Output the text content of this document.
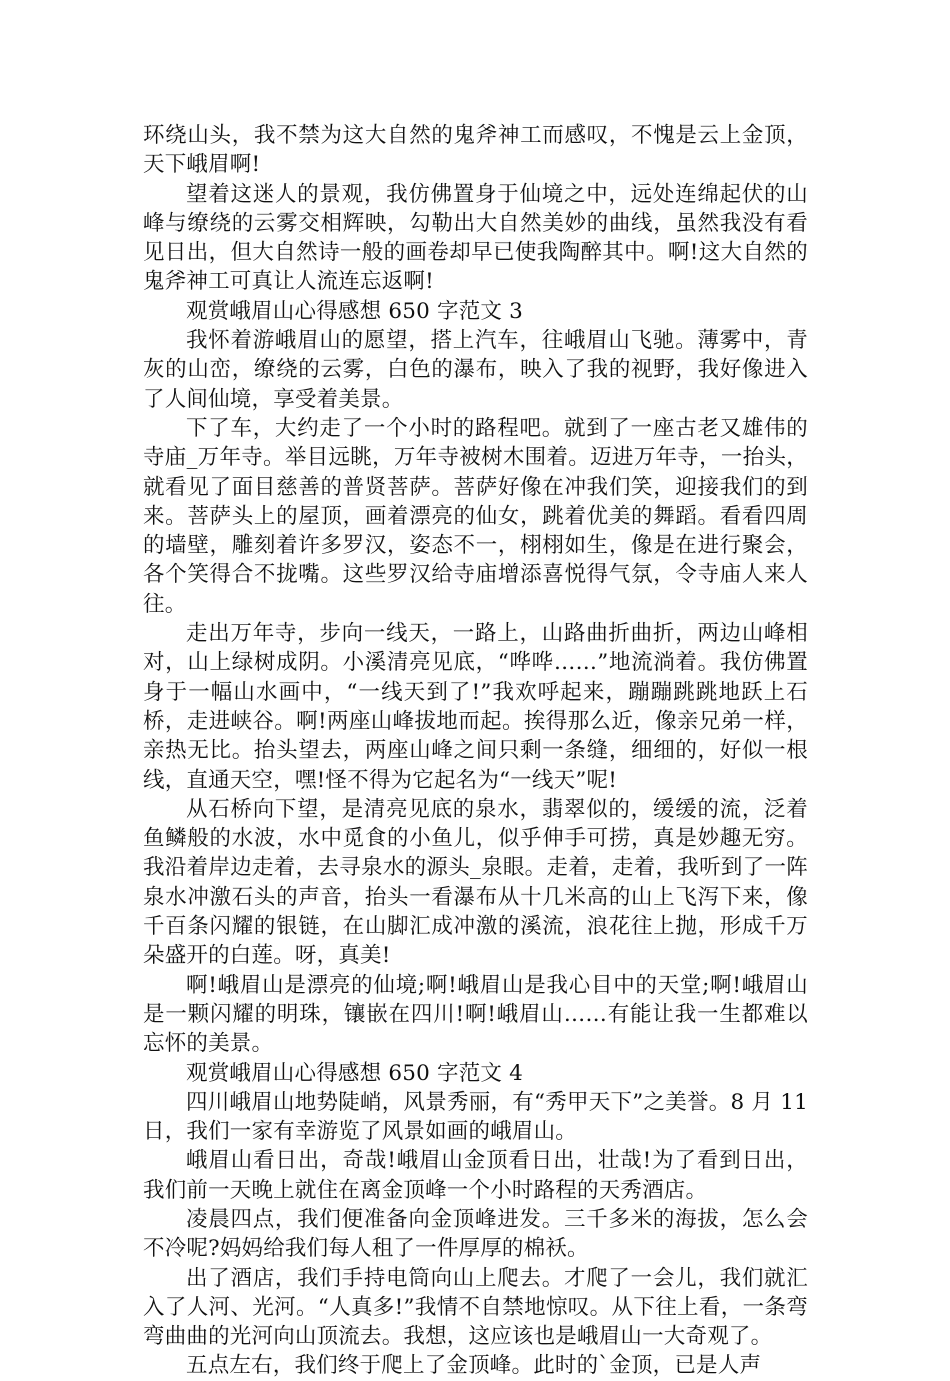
环绕山头，我不禁为这大自然的鬼斧神工而感叹，不愧是云上金顶，天下峨眉啊!

望着这迷人的景观，我仿佛置身于仙境之中，远处连绵起伏的山峰与缭绕的云雾交相辉映，勾勒出大自然美妙的曲线，虽然我没有看见日出，但大自然诗一般的画卷却早已使我陶醉其中。啊!这大自然的鬼斧神工可真让人流连忘返啊!

观赏峨眉山心得感想 650 字范文 3

我怀着游峨眉山的愿望，搭上汽车，往峨眉山飞驰。薄雾中，青灰的山峦，缭绕的云雾，白色的瀑布，映入了我的视野，我好像进入了人间仙境，享受着美景。

下了车，大约走了一个小时的路程吧。就到了一座古老又雄伟的寺庙_万年寺。举目远眺，万年寺被树木围着。迈进万年寺，一抬头，就看见了面目慈善的普贤菩萨。菩萨好像在冲我们笑，迎接我们的到来。菩萨头上的屋顶，画着漂亮的仙女，跳着优美的舞蹈。看看四周的墙壁，雕刻着许多罗汉，姿态不一，栩栩如生，像是在进行聚会，各个笑得合不拢嘴。这些罗汉给寺庙增添喜悦得气氛，令寺庙人来人往。

走出万年寺，步向一线天，一路上，山路曲折曲折，两边山峰相对，山上绿树成阴。小溪清亮见底，“哗哗……”地流淌着。我仿佛置身于一幅山水画中，“一线天到了!”我欢呼起来，蹦蹦跳跳地跃上石桥，走进峡谷。啊!两座山峰拔地而起。挨得那么近，像亲兄弟一样，亲热无比。抬头望去，两座山峰之间只剩一条缝，细细的，好似一根线，直通天空，嘿!怪不得为它起名为“一线天”呢!

从石桥向下望，是清亮见底的泉水，翡翠似的，缓缓的流，泛着鱼鳞般的水波，水中觅食的小鱼儿，似乎伸手可捞，真是妙趣无穷。我沿着岸边走着，去寻泉水的源头_泉眼。走着，走着，我听到了一阵泉水冲激石头的声音，抬头一看瀑布从十几米高的山上飞泻下来，像千百条闪耀的银链，在山脚汇成冲激的溪流，浪花往上抛，形成千万朵盛开的白莲。呀，真美!

啊!峨眉山是漂亮的仙境;啊!峨眉山是我心目中的天堂;啊!峨眉山是一颗闪耀的明珠，镶嵌在四川!啊!峨眉山……有能让我一生都难以忘怀的美景。

观赏峨眉山心得感想 650 字范文 4

四川峨眉山地势陡峭，风景秀丽，有“秀甲天下”之美誉。8 月 11 日，我们一家有幸游览了风景如画的峨眉山。

峨眉山看日出，奇哉!峨眉山金顶看日出，壮哉!为了看到日出，我们前一天晚上就住在离金顶峰一个小时路程的天秀酒店。

凌晨四点，我们便准备向金顶峰进发。三千多米的海拔，怎么会不冷呢?妈妈给我们每人租了一件厚厚的棉袄。

出了酒店，我们手持电筒向山上爬去。才爬了一会儿，我们就汇入了人河、光河。“人真多!”我情不自禁地惊叹。从下往上看，一条弯弯曲曲的光河向山顶流去。我想，这应该也是峨眉山一大奇观了。

五点左右，我们终于爬上了金顶峰。此时的`金顶，已是人声
